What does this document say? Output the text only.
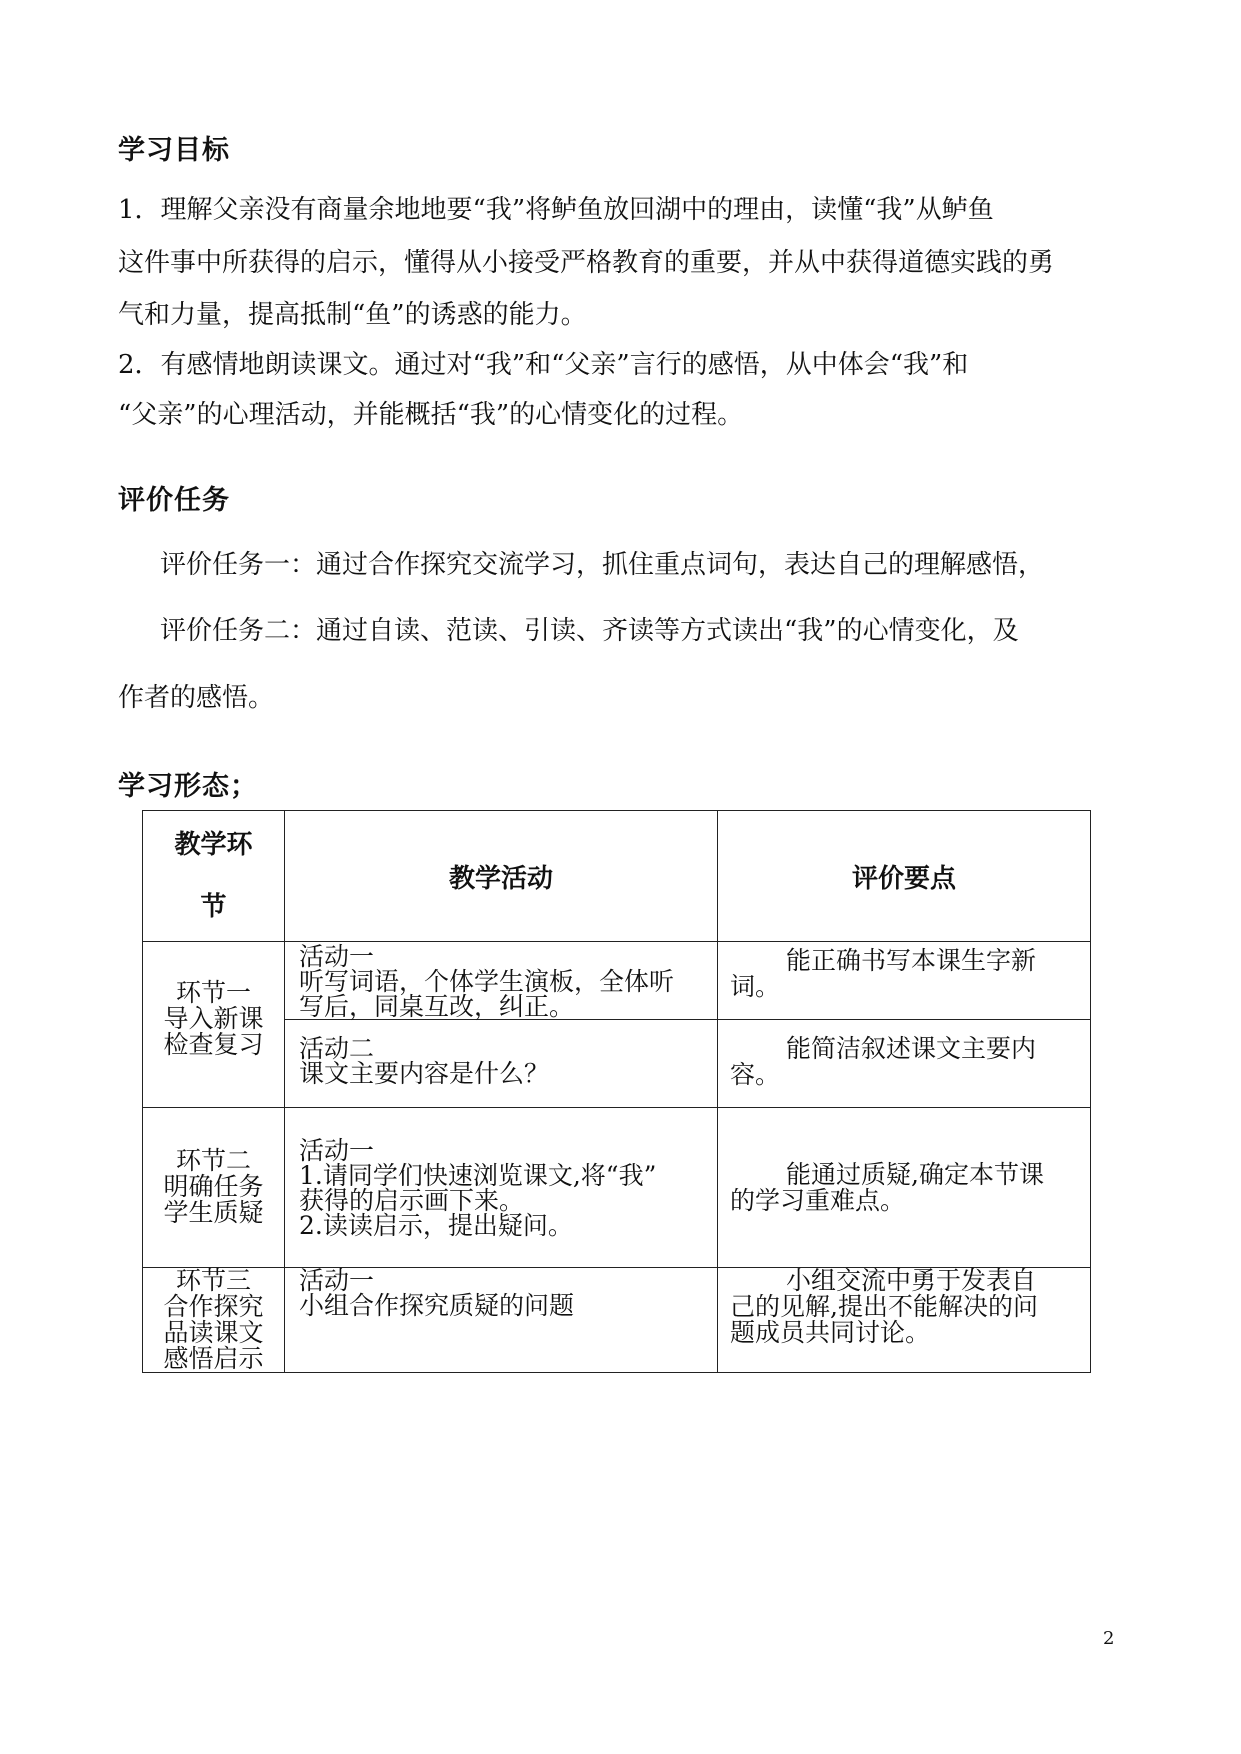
学习目标
1．理解父亲没有商量余地地要“我”将鲈鱼放回湖中的理由，读懂“我”从鲈鱼
这件事中所获得的启示，懂得从小接受严格教育的重要，并从中获得道德实践的勇
气和力量，提高抵制“鱼”的诱惑的能力。
2．有感情地朗读课文。通过对“我”和“父亲”言行的感悟，从中体会“我”和
“父亲”的心理活动，并能概括“我”的心情变化的过程。
评价任务
评价任务一：通过合作探究交流学习，抓住重点词句，表达自己的理解感悟，
评价任务二：通过自读、范读、引读、齐读等方式读出“我”的心情变化，及
作者的感悟。
学习形态；
教学环
节	教学活动	评价要点

环节一
导入新课
检查复习	活动一
听写词语，个体学生演板，全体听
写后，同桌互改，纠正。	能正确书写本课生字新
词。

	活动二
课文主要内容是什么？	能简洁叙述课文主要内
容。

环节二
明确任务
学生质疑	活动一
1.请同学们快速浏览课文,将“我”
获得的启示画下来。
2.读读启示，提出疑问。	能通过质疑,确定本节课
的学习重难点。

环节三
合作探究
品读课文
感悟启示	活动一
小组合作探究质疑的问题	小组交流中勇于发表自
己的见解,提出不能解决的问
题成员共同讨论。
2
